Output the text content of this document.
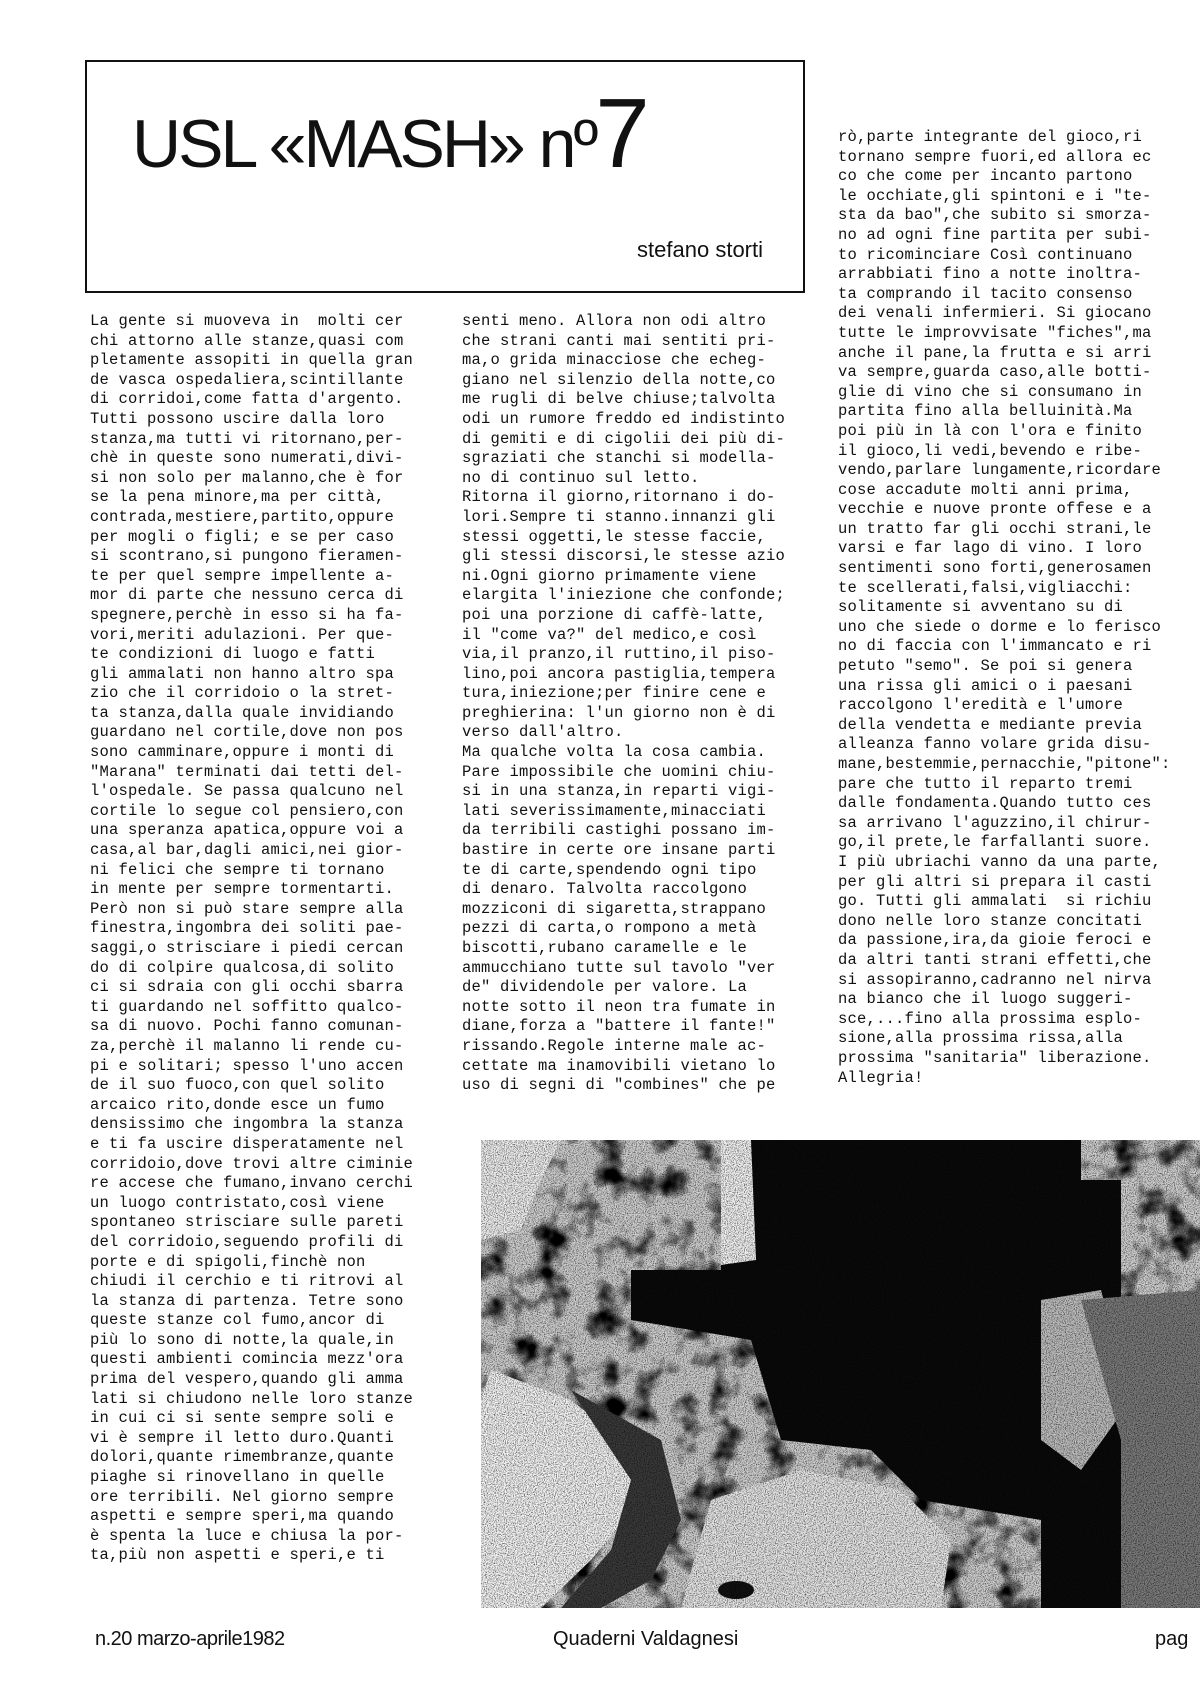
USL «MASH» nº7
stefano storti

La gente si muoveva in  molti cer

chi attorno alle stanze,quasi com

pletamente assopiti in quella gran

de vasca ospedaliera,scintillante

di corridoi,come fatta d'argento.

Tutti possono uscire dalla loro

stanza,ma tutti vi ritornano,per-

chè in queste sono numerati,divi-

si non solo per malanno,che è for

se la pena minore,ma per città,

contrada,mestiere,partito,oppure

per mogli o figli; e se per caso

si scontrano,si pungono fieramen-

te per quel sempre impellente a-

mor di parte che nessuno cerca di

spegnere,perchè in esso si ha fa-

vori,meriti adulazioni. Per que-

te condizioni di luogo e fatti

gli ammalati non hanno altro spa

zio che il corridoio o la stret-

ta stanza,dalla quale invidiando

guardano nel cortile,dove non pos

sono camminare,oppure i monti di

"Marana" terminati dai tetti del-

l'ospedale. Se passa qualcuno nel

cortile lo segue col pensiero,con

una speranza apatica,oppure voi a

casa,al bar,dagli amici,nei gior-

ni felici che sempre ti tornano

in mente per sempre tormentarti.

Però non si può stare sempre alla

finestra,ingombra dei soliti pae-

saggi,o strisciare i piedi cercan

do di colpire qualcosa,di solito

ci si sdraia con gli occhi sbarra

ti guardando nel soffitto qualco-

sa di nuovo. Pochi fanno comunan-

za,perchè il malanno li rende cu-

pi e solitari; spesso l'uno accen

de il suo fuoco,con quel solito

arcaico rito,donde esce un fumo

densissimo che ingombra la stanza

e ti fa uscire disperatamente nel

corridoio,dove trovi altre ciminie

re accese che fumano,invano cerchi

un luogo contristato,così viene

spontaneo strisciare sulle pareti

del corridoio,seguendo profili di

porte e di spigoli,finchè non

chiudi il cerchio e ti ritrovi al

la stanza di partenza. Tetre sono

queste stanze col fumo,ancor di

più lo sono di notte,la quale,in

questi ambienti comincia mezz'ora

prima del vespero,quando gli amma

lati si chiudono nelle loro stanze

in cui ci si sente sempre soli e

vi è sempre il letto duro.Quanti

dolori,quante rimembranze,quante

piaghe si rinovellano in quelle

ore terribili. Nel giorno sempre

aspetti e sempre speri,ma quando

è spenta la luce e chiusa la por-

ta,più non aspetti e speri,e ti

senti meno. Allora non odi altro

che strani canti mai sentiti pri-

ma,o grida minacciose che echeg-

giano nel silenzio della notte,co

me rugli di belve chiuse;talvolta

odi un rumore freddo ed indistinto

di gemiti e di cigolii dei più di-

sgraziati che stanchi si modella-

no di continuo sul letto.

Ritorna il giorno,ritornano i do-

lori.Sempre ti stanno.innanzi gli

stessi oggetti,le stesse faccie,

gli stessi discorsi,le stesse azio

ni.Ogni giorno primamente viene

elargita l'iniezione che confonde;

poi una porzione di caffè-latte,

il "come va?" del medico,e così

via,il pranzo,il ruttino,il piso-

lino,poi ancora pastiglia,tempera

tura,iniezione;per finire cene e

preghierina: l'un giorno non è di

verso dall'altro.

Ma qualche volta la cosa cambia.

Pare impossibile che uomini chiu-

si in una stanza,in reparti vigi-

lati severissimamente,minacciati

da terribili castighi possano im-

bastire in certe ore insane parti

te di carte,spendendo ogni tipo

di denaro. Talvolta raccolgono

mozziconi di sigaretta,strappano

pezzi di carta,o rompono a metà

biscotti,rubano caramelle e le

ammucchiano tutte sul tavolo "ver

de" dividendole per valore. La

notte sotto il neon tra fumate in

diane,forza a "battere il fante!"

rissando.Regole interne male ac-

cettate ma inamovibili vietano lo

uso di segni di "combines" che pe

rò,parte integrante del gioco,ri

tornano sempre fuori,ed allora ec

co che come per incanto partono

le occhiate,gli spintoni e i "te-

sta da bao",che subito si smorza-

no ad ogni fine partita per subi-

to ricominciare Così continuano

arrabbiati fino a notte inoltra-

ta comprando il tacito consenso

dei venali infermieri. Si giocano

tutte le improvvisate "fiches",ma

anche il pane,la frutta e si arri

va sempre,guarda caso,alle botti-

glie di vino che si consumano in

partita fino alla belluinità.Ma

poi più in là con l'ora e finito

il gioco,li vedi,bevendo e ribe-

vendo,parlare lungamente,ricordare

cose accadute molti anni prima,

vecchie e nuove pronte offese e a

un tratto far gli occhi strani,le

varsi e far lago di vino. I loro

sentimenti sono forti,generosamen

te scellerati,falsi,vigliacchi:

solitamente si avventano su di

uno che siede o dorme e lo ferisco

no di faccia con l'immancato e ri

petuto "semo". Se poi si genera

una rissa gli amici o i paesani

raccolgono l'eredità e l'umore

della vendetta e mediante previa

alleanza fanno volare grida disu-

mane,bestemmie,pernacchie,"pitone":

pare che tutto il reparto tremi

dalle fondamenta.Quando tutto ces

sa arrivano l'aguzzino,il chirur-

go,il prete,le farfallanti suore.

I più ubriachi vanno da una parte,

per gli altri si prepara il casti

go. Tutti gli ammalati  si richiu

dono nelle loro stanze concitati

da passione,ira,da gioie feroci e

da altri tanti strani effetti,che

si assopiranno,cadranno nel nirva

na bianco che il luogo suggeri-

sce,...fino alla prossima esplo-

sione,alla prossima rissa,alla

prossima "sanitaria" liberazione.

Allegria!

n.20 marzo-aprile1982	Quaderni Valdagnesi	pag
